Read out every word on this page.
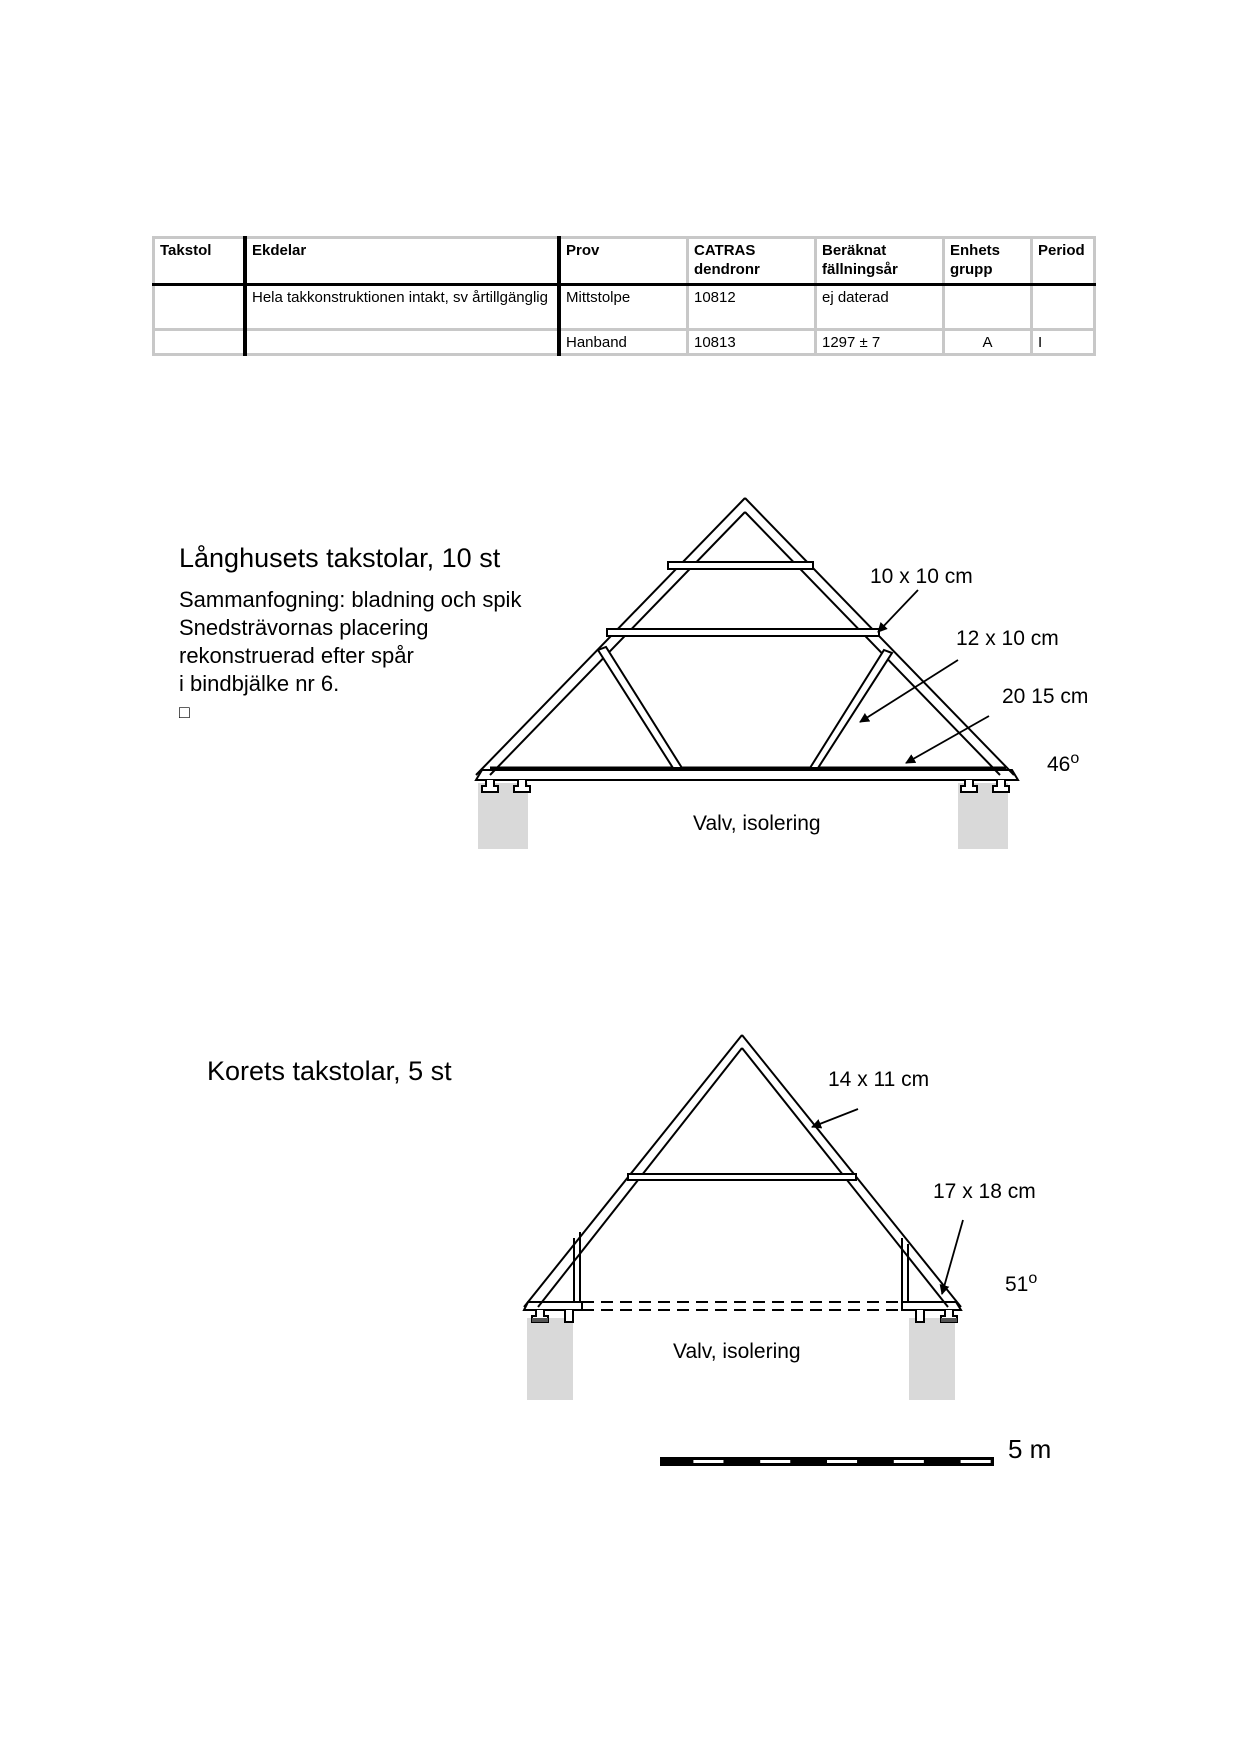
Takstol	Ekdelar	Prov	CATRAS dendronr	Beräknat fällningsår	Enhets grupp	Period

	Hela takkonstruktionen intakt, sv årtillgänglig	Mittstolpe	10812	ej daterad		
		Hanband	10813	1297 ± 7	A	I
Långhusets takstolar, 10 st
Sammanfogning: bladning och spik
Snedsträvornas placering
rekonstruerad efter spår
i bindbjälke nr 6.
□
10 x 10 cm
12 x 10 cm
20 15 cm
46$^o$
Valv, isolering
Korets takstolar, 5 st	14 x 11 cm
17 x 18 cm
51$^o$
Valv, isolering
5 m
